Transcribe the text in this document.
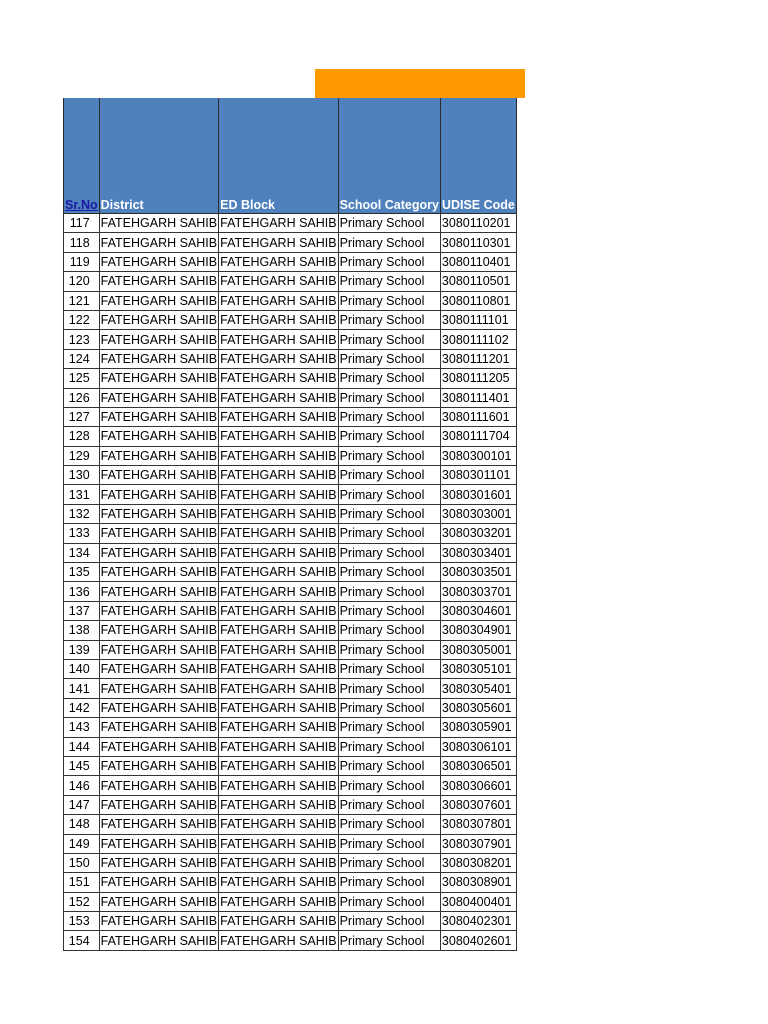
Sr.No	District	ED Block	School Category	UDISE Code
117	FATEHGARH SAHIB	FATEHGARH SAHIB	Primary School	3080110201
118	FATEHGARH SAHIB	FATEHGARH SAHIB	Primary School	3080110301
119	FATEHGARH SAHIB	FATEHGARH SAHIB	Primary School	3080110401
120	FATEHGARH SAHIB	FATEHGARH SAHIB	Primary School	3080110501
121	FATEHGARH SAHIB	FATEHGARH SAHIB	Primary School	3080110801
122	FATEHGARH SAHIB	FATEHGARH SAHIB	Primary School	3080111101
123	FATEHGARH SAHIB	FATEHGARH SAHIB	Primary School	3080111102
124	FATEHGARH SAHIB	FATEHGARH SAHIB	Primary School	3080111201
125	FATEHGARH SAHIB	FATEHGARH SAHIB	Primary School	3080111205
126	FATEHGARH SAHIB	FATEHGARH SAHIB	Primary School	3080111401
127	FATEHGARH SAHIB	FATEHGARH SAHIB	Primary School	3080111601
128	FATEHGARH SAHIB	FATEHGARH SAHIB	Primary School	3080111704
129	FATEHGARH SAHIB	FATEHGARH SAHIB	Primary School	3080300101
130	FATEHGARH SAHIB	FATEHGARH SAHIB	Primary School	3080301101
131	FATEHGARH SAHIB	FATEHGARH SAHIB	Primary School	3080301601
132	FATEHGARH SAHIB	FATEHGARH SAHIB	Primary School	3080303001
133	FATEHGARH SAHIB	FATEHGARH SAHIB	Primary School	3080303201
134	FATEHGARH SAHIB	FATEHGARH SAHIB	Primary School	3080303401
135	FATEHGARH SAHIB	FATEHGARH SAHIB	Primary School	3080303501
136	FATEHGARH SAHIB	FATEHGARH SAHIB	Primary School	3080303701
137	FATEHGARH SAHIB	FATEHGARH SAHIB	Primary School	3080304601
138	FATEHGARH SAHIB	FATEHGARH SAHIB	Primary School	3080304901
139	FATEHGARH SAHIB	FATEHGARH SAHIB	Primary School	3080305001
140	FATEHGARH SAHIB	FATEHGARH SAHIB	Primary School	3080305101
141	FATEHGARH SAHIB	FATEHGARH SAHIB	Primary School	3080305401
142	FATEHGARH SAHIB	FATEHGARH SAHIB	Primary School	3080305601
143	FATEHGARH SAHIB	FATEHGARH SAHIB	Primary School	3080305901
144	FATEHGARH SAHIB	FATEHGARH SAHIB	Primary School	3080306101
145	FATEHGARH SAHIB	FATEHGARH SAHIB	Primary School	3080306501
146	FATEHGARH SAHIB	FATEHGARH SAHIB	Primary School	3080306601
147	FATEHGARH SAHIB	FATEHGARH SAHIB	Primary School	3080307601
148	FATEHGARH SAHIB	FATEHGARH SAHIB	Primary School	3080307801
149	FATEHGARH SAHIB	FATEHGARH SAHIB	Primary School	3080307901
150	FATEHGARH SAHIB	FATEHGARH SAHIB	Primary School	3080308201
151	FATEHGARH SAHIB	FATEHGARH SAHIB	Primary School	3080308901
152	FATEHGARH SAHIB	FATEHGARH SAHIB	Primary School	3080400401
153	FATEHGARH SAHIB	FATEHGARH SAHIB	Primary School	3080402301
154	FATEHGARH SAHIB	FATEHGARH SAHIB	Primary School	3080402601
